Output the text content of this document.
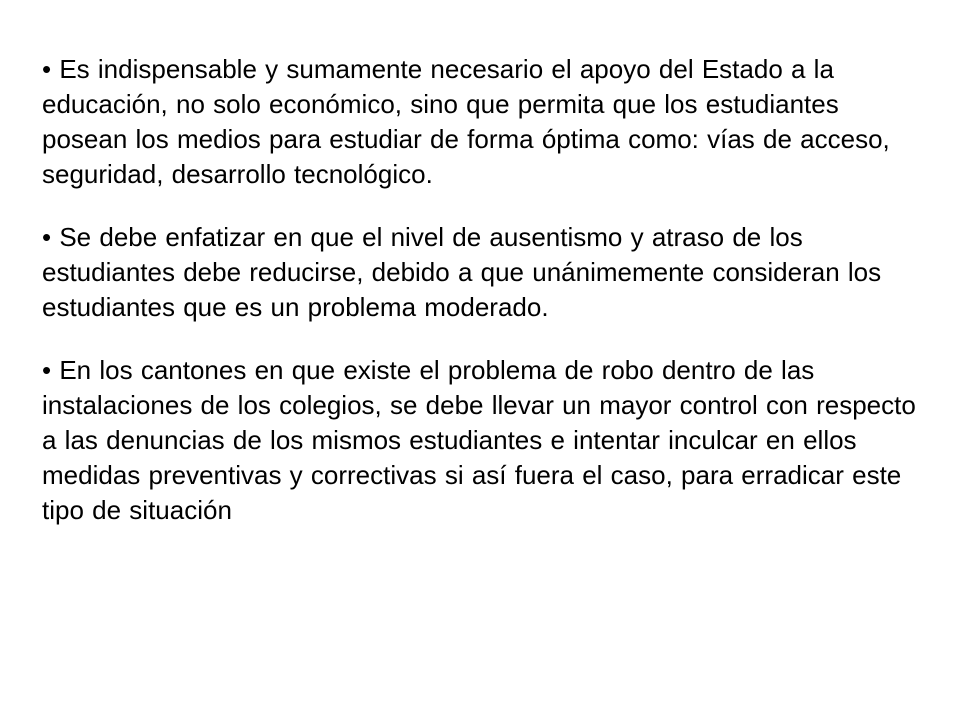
• Es indispensable y sumamente necesario el apoyo del Estado a la educación, no solo económico, sino que permita que los estudiantes posean los medios para estudiar de forma óptima como: vías de acceso, seguridad, desarrollo tecnológico.
• Se debe enfatizar en que el nivel de ausentismo y atraso de los estudiantes debe reducirse, debido a que unánimemente consideran los estudiantes que es un problema moderado.
• En los cantones en que existe el problema de robo dentro de las instalaciones de los colegios, se debe llevar un mayor control con respecto a las denuncias de los mismos estudiantes e intentar inculcar en ellos medidas preventivas y correctivas si así fuera el caso, para erradicar este tipo de situación
